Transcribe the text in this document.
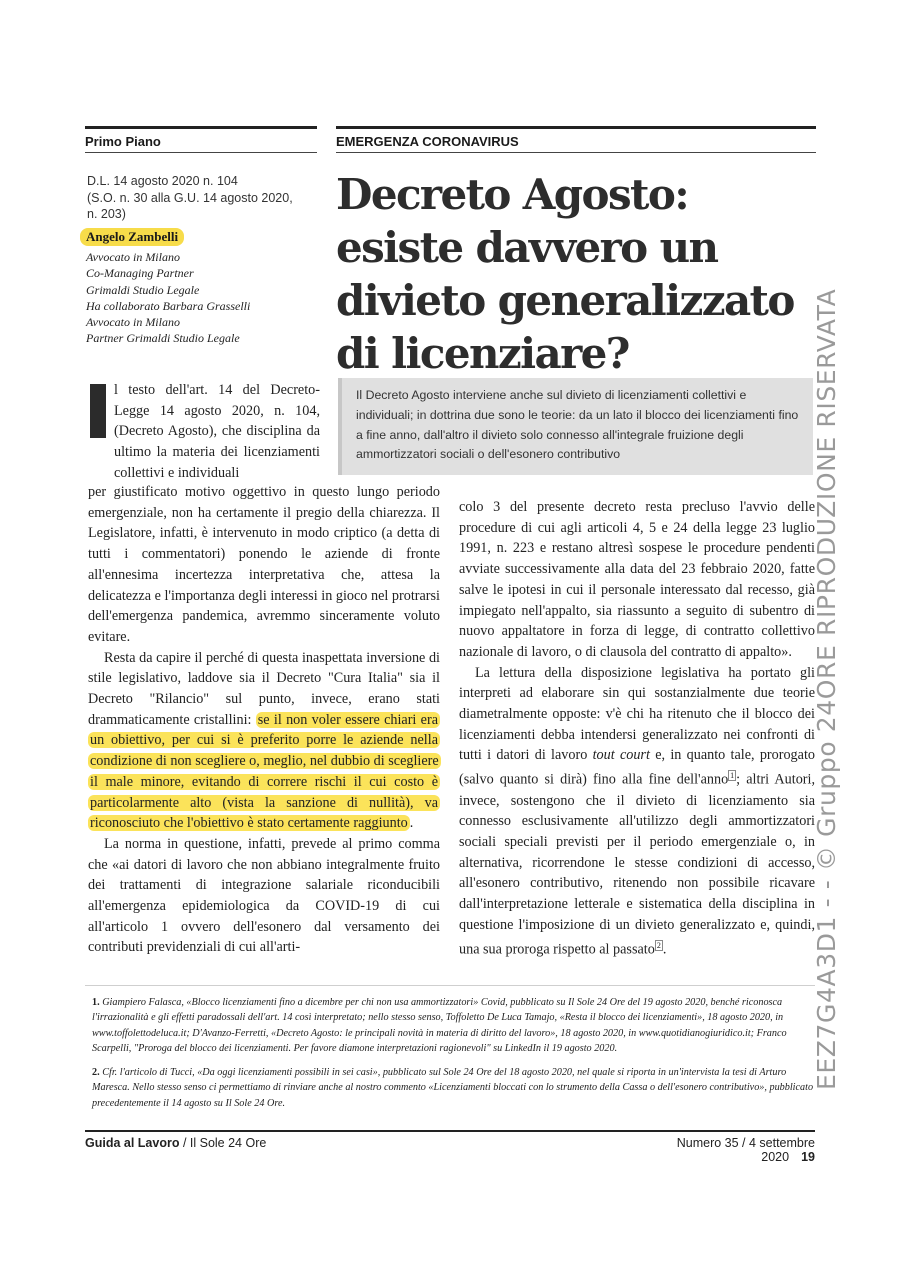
Primo Piano	EMERGENZA CORONAVIRUS
D.L. 14 agosto 2020 n. 104
(S.O. n. 30 alla G.U. 14 agosto 2020,
n. 203)
Angelo Zambelli
Avvocato in Milano
Co-Managing Partner
Grimaldi Studio Legale
Ha collaborato Barbara Grasselli
Avvocato in Milano
Partner Grimaldi Studio Legale
Decreto Agosto:
esiste davvero un
divieto generalizzato
di licenziare?
Il Decreto Agosto interviene anche sul divieto di licenziamenti collettivi e individuali; in dottrina due sono le teorie: da un lato il blocco dei licenziamenti fino a fine anno, dall'altro il divieto solo connesso all'integrale fruizione degli ammortizzatori sociali o dell'esonero contributivo

l testo dell'art. 14 del Decreto-Legge 14 agosto 2020, n. 104, (Decreto Agosto), che disciplina da ultimo la materia dei licenziamenti collettivi e individuali

per giustificato motivo oggettivo in questo lungo periodo emergenziale, non ha certamente il pregio della chiarezza. Il Legislatore, infatti, è intervenuto in modo criptico (a detta di tutti i commentatori) ponendo le aziende di fronte all'ennesima incertezza interpretativa che, attesa la delicatezza e l'importanza degli interessi in gioco nel protrarsi dell'emergenza pandemica, avremmo sinceramente voluto evitare.

Resta da capire il perché di questa inaspettata inversione di stile legislativo, laddove sia il Decreto "Cura Italia" sia il Decreto "Rilancio" sul punto, invece, erano stati drammaticamente cristallini: se il non voler essere chiari era un obiettivo, per cui si è preferito porre le aziende nella condizione di non scegliere o, meglio, nel dubbio di scegliere il male minore, evitando di correre rischi il cui costo è particolarmente alto (vista la sanzione di nullità), va riconosciuto che l'obiettivo è stato certamente raggiunto .

La norma in questione, infatti, prevede al primo comma che «ai datori di lavoro che non abbiano integralmente fruito dei trattamenti di integrazione salariale riconducibili all'emergenza epidemiologica da COVID-19 di cui all'articolo 1 ovvero dell'esonero dal versamento dei contributi previdenziali di cui all'arti-

colo 3 del presente decreto resta precluso l'avvio delle procedure di cui agli articoli 4, 5 e 24 della legge 23 luglio 1991, n. 223 e restano altresì sospese le procedure pendenti avviate successivamente alla data del 23 febbraio 2020, fatte salve le ipotesi in cui il personale interessato dal recesso, già impiegato nell'appalto, sia riassunto a seguito di subentro di nuovo appaltatore in forza di legge, di contratto collettivo nazionale di lavoro, o di clausola del contratto di appalto».

La lettura della disposizione legislativa ha portato gli interpreti ad elaborare sin qui sostanzialmente due teorie diametralmente opposte: v'è chi ha ritenuto che il blocco dei licenziamenti debba intendersi generalizzato nei confronti di tutti i datori di lavoro tout court e, in quanto tale, prorogato (salvo quanto si dirà) fino alla fine dell'anno $^1$ ; altri Autori, invece, sostengono che il divieto di licenziamento sia connesso esclusivamente all'utilizzo degli ammortizzatori sociali speciali previsti per il periodo emergenziale o, in alternativa, ricorrendone le stesse condizioni di accesso, all'esonero contributivo, ritenendo non possibile ricavare dall'interpretazione letterale e sistematica della disciplina in questione l'imposizione di un divieto generalizzato e, quindi, una sua proroga rispetto al passato $^2$ .

1. Giampiero Falasca, «Blocco licenziamenti fino a dicembre per chi non usa ammortizzatori» Covid, pubblicato su Il Sole 24 Ore del 19 agosto 2020, benché riconosca l'irrazionalità e gli effetti paradossali dell'art. 14 così interpretato; nello stesso senso, Toffoletto De Luca Tamajo, «Resta il blocco dei licenziamenti», 18 agosto 2020, in www.toffolettodeluca.it; D'Avanzo-Ferretti, «Decreto Agosto: le principali novità in materia di diritto del lavoro», 18 agosto 2020, in www.quotidianogiuridico.it; Franco Scarpelli, "Proroga del blocco dei licenziamenti. Per favore diamone interpretazioni ragionevoli" su LinkedIn il 19 agosto 2020.
2. Cfr. l'articolo di Tucci, «Da oggi licenziamenti possibili in sei casi», pubblicato sul Sole 24 Ore del 18 agosto 2020, nel quale si riporta in un'intervista la tesi di Arturo Maresca. Nello stesso senso ci permettiamo di rinviare anche al nostro commento «Licenziamenti bloccati con lo strumento della Cassa o dell'esonero contributivo», pubblicato precedentemente il 14 agosto su Il Sole 24 Ore.
Guida al Lavoro / Il Sole 24 Ore	Numero 35 / 4 settembre 2020 19
EEZ7G4A3D1 - - © Gruppo 24ORE RIPRODUZIONE RISERVATA
